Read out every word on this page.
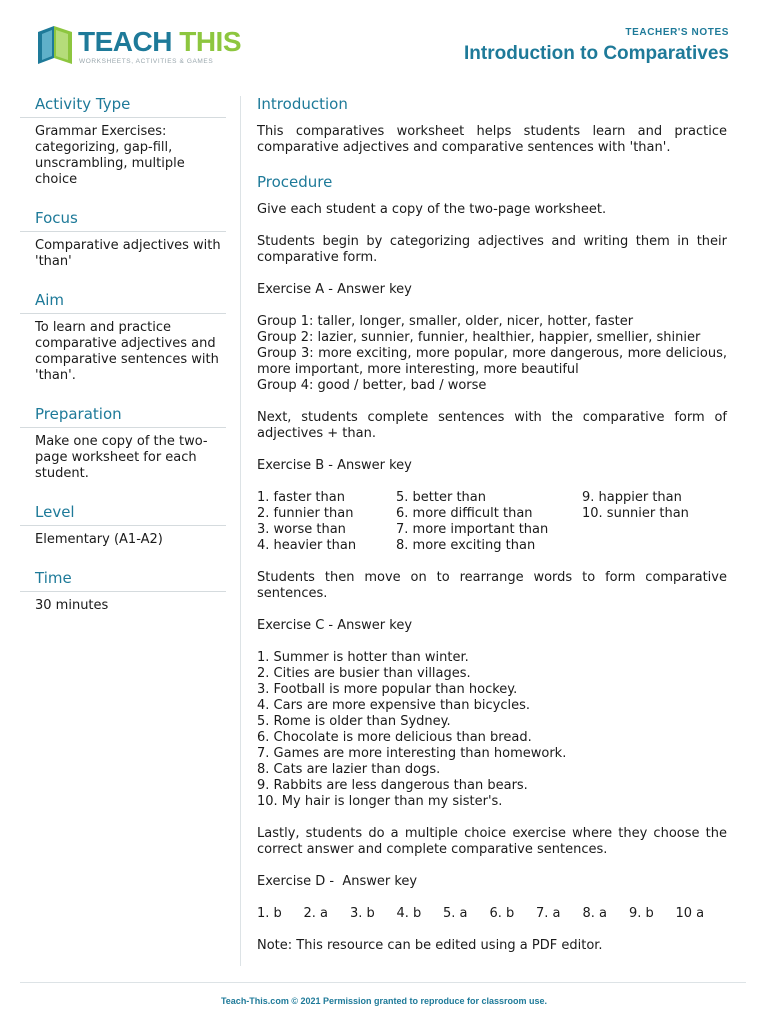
TEACH THIS
WORKSHEETS, ACTIVITIES & GAMES
TEACHER'S NOTES
Introduction to Comparatives
Activity Type
Grammar Exercises: categorizing, gap-fill, unscrambling, multiple choice
Focus
Comparative adjectives with 'than'
Aim
To learn and practice comparative adjectives and comparative sentences with 'than'.
Preparation
Make one copy of the two-page worksheet for each student.
Level
Elementary (A1-A2)
Time
30 minutes
Introduction

This comparatives worksheet helps students learn and practice comparative adjectives and comparative sentences with 'than'.

Procedure

Give each student a copy of the two-page worksheet.

Students begin by categorizing adjectives and writing them in their comparative form.

Exercise A - Answer key

Group 1: taller, longer, smaller, older, nicer, hotter, faster

Group 2: lazier, sunnier, funnier, healthier, happier, smellier, shinier

Group 3: more exciting, more popular, more dangerous, more delicious, more important, more interesting, more beautiful

Group 4: good / better, bad / worse

Next, students complete sentences with the comparative form of adjectives + than.

Exercise B - Answer key

1. faster than	5. better than	9. happier than
2. funnier than	6. more difficult than	10. sunnier than
3. worse than	7. more important than
4. heavier than	8. more exciting than

Students then move on to rearrange words to form comparative sentences.

Exercise C - Answer key

1. Summer is hotter than winter.

2. Cities are busier than villages.

3. Football is more popular than hockey.

4. Cars are more expensive than bicycles.

5. Rome is older than Sydney.

6. Chocolate is more delicious than bread.

7. Games are more interesting than homework.

8. Cats are lazier than dogs.

9. Rabbits are less dangerous than bears.

10. My hair is longer than my sister's.

Lastly, students do a multiple choice exercise where they choose the correct answer and complete comparative sentences.

Exercise D -  Answer key

1. b	2. a	3. b	4. b	5. a	6. b	7. a	8. a	9. b	10 a

Note: This resource can be edited using a PDF editor.

Teach-This.com © 2021 Permission granted to reproduce for classroom use.
